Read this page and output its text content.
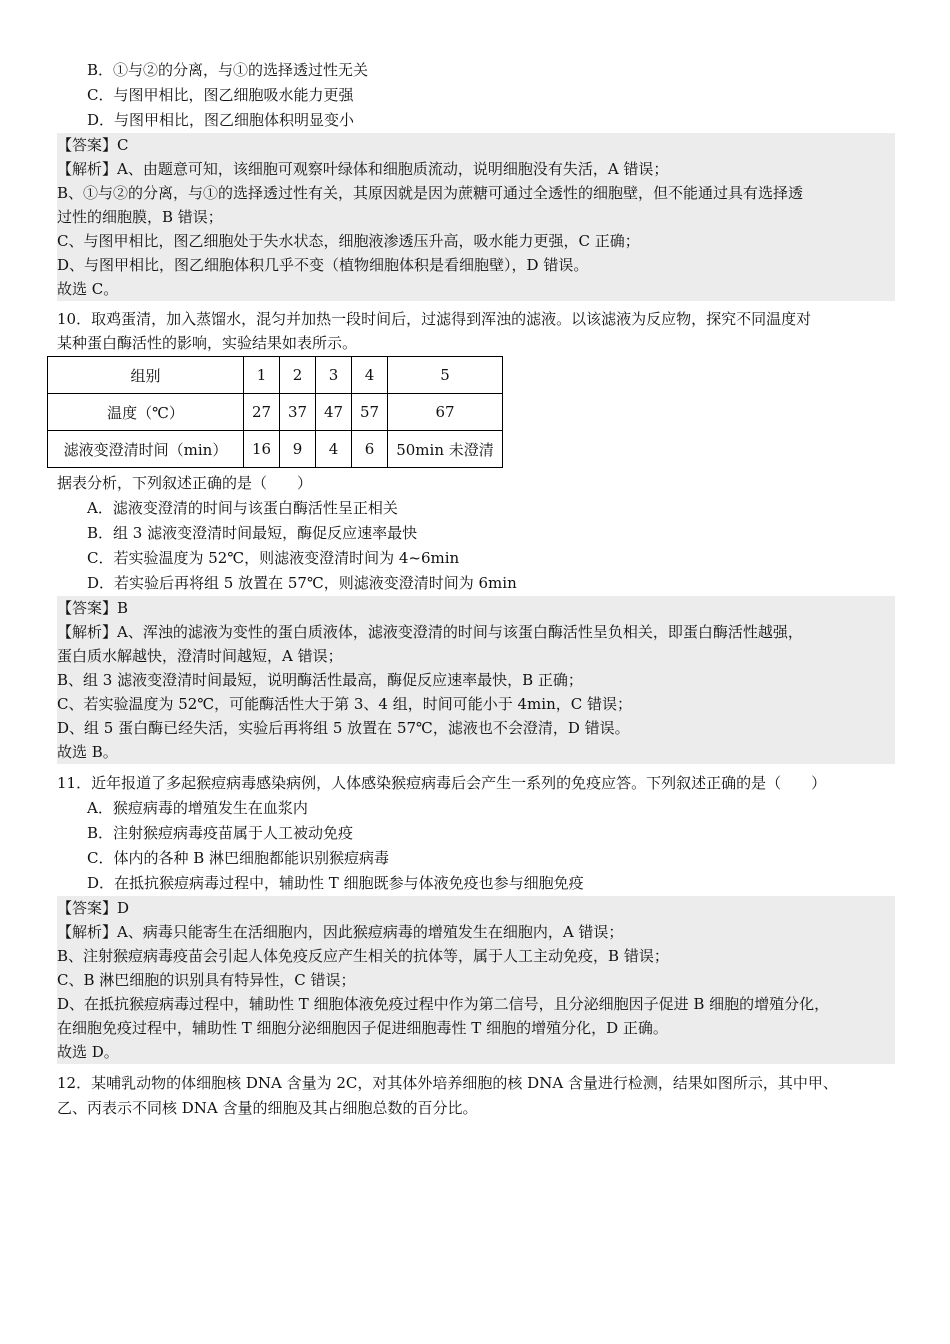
B．①与②的分离，与①的选择透过性无关
C．与图甲相比，图乙细胞吸水能力更强
D．与图甲相比，图乙细胞体积明显变小
【答案】C
【解析】A、由题意可知，该细胞可观察叶绿体和细胞质流动，说明细胞没有失活，A 错误；
B、①与②的分离，与①的选择透过性有关，其原因就是因为蔗糖可通过全透性的细胞壁，但不能通过具有选择透
过性的细胞膜，B 错误；
C、与图甲相比，图乙细胞处于失水状态，细胞液渗透压升高，吸水能力更强，C 正确；
D、与图甲相比，图乙细胞体积几乎不变（植物细胞体积是看细胞壁），D 错误。
故选 C。
10．取鸡蛋清，加入蒸馏水，混匀并加热一段时间后，过滤得到浑浊的滤液。以该滤液为反应物，探究不同温度对
某种蛋白酶活性的影响，实验结果如表所示。
组别	1	2	3	4	5
温度（℃）	27	37	47	57	67
滤液变澄清时间（min）	16	9	4	6	50min 未澄清
据表分析，下列叙述正确的是（　　）
A．滤液变澄清的时间与该蛋白酶活性呈正相关
B．组 3 滤液变澄清时间最短，酶促反应速率最快
C．若实验温度为 52℃，则滤液变澄清时间为 4~6min
D．若实验后再将组 5 放置在 57℃，则滤液变澄清时间为 6min
【答案】B
【解析】A、浑浊的滤液为变性的蛋白质液体，滤液变澄清的时间与该蛋白酶活性呈负相关，即蛋白酶活性越强，
蛋白质水解越快，澄清时间越短，A 错误；
B、组 3 滤液变澄清时间最短，说明酶活性最高，酶促反应速率最快，B 正确；
C、若实验温度为 52℃，可能酶活性大于第 3、4 组，时间可能小于 4min，C 错误；
D、组 5 蛋白酶已经失活，实验后再将组 5 放置在 57℃，滤液也不会澄清，D 错误。
故选 B。
11．近年报道了多起猴痘病毒感染病例，人体感染猴痘病毒后会产生一系列的免疫应答。下列叙述正确的是（　　）
A．猴痘病毒的增殖发生在血浆内
B．注射猴痘病毒疫苗属于人工被动免疫
C．体内的各种 B 淋巴细胞都能识别猴痘病毒
D．在抵抗猴痘病毒过程中，辅助性 T 细胞既参与体液免疫也参与细胞免疫
【答案】D
【解析】A、病毒只能寄生在活细胞内，因此猴痘病毒的增殖发生在细胞内，A 错误；
B、注射猴痘病毒疫苗会引起人体免疫反应产生相关的抗体等，属于人工主动免疫，B 错误；
C、B 淋巴细胞的识别具有特异性，C 错误；
D、在抵抗猴痘病毒过程中，辅助性 T 细胞体液免疫过程中作为第二信号，且分泌细胞因子促进 B 细胞的增殖分化，
在细胞免疫过程中，辅助性 T 细胞分泌细胞因子促进细胞毒性 T 细胞的增殖分化，D 正确。
故选 D。
12．某哺乳动物的体细胞核 DNA 含量为 2C，对其体外培养细胞的核 DNA 含量进行检测，结果如图所示，其中甲、
乙、丙表示不同核 DNA 含量的细胞及其占细胞总数的百分比。
